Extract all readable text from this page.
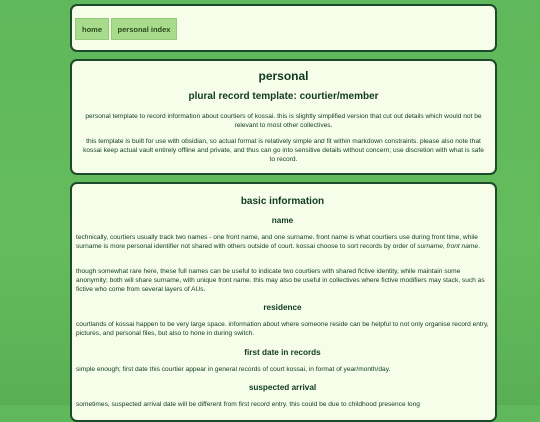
home	personal index
personal
plural record template: courtier/member

personal template to record information about courtiers of kossai. this is slightly simplified version that cut out details which would not be relevant to most other collectives.

this template is built for use with obsidian, so actual format is relatively simple and fit within markdown constraints. please also note that kossai keep actual vault entirely offline and private, and thus can go into sensitive details without concern; use discretion with what is safe to record.

basic information
name

technically, courtiers usually track two names - one front name, and one surname. front name is what courtiers use during front time, while surname is more personal identifier not shared with others outside of court. kossai choose to sort records by order of surname, front name.

though somewhat rare here, these full names can be useful to indicate two courtiers with shared fictive identity, while maintain some anonymity; both will share surname, with unique front name. this may also be useful in collectives where fictive modifiers may stack, such as fictive who come from several layers of AUs.

residence

courtlands of kossai happen to be very large space. information about where someone reside can be helpful to not only organise record entry, pictures, and personal files, but also to hone in during switch.

first date in records

simple enough; first date this courtier appear in general records of court kossai, in format of year/month/day.

suspected arrival

sometimes, suspected arrival date will be different from first record entry. this could be due to childhood presence long
